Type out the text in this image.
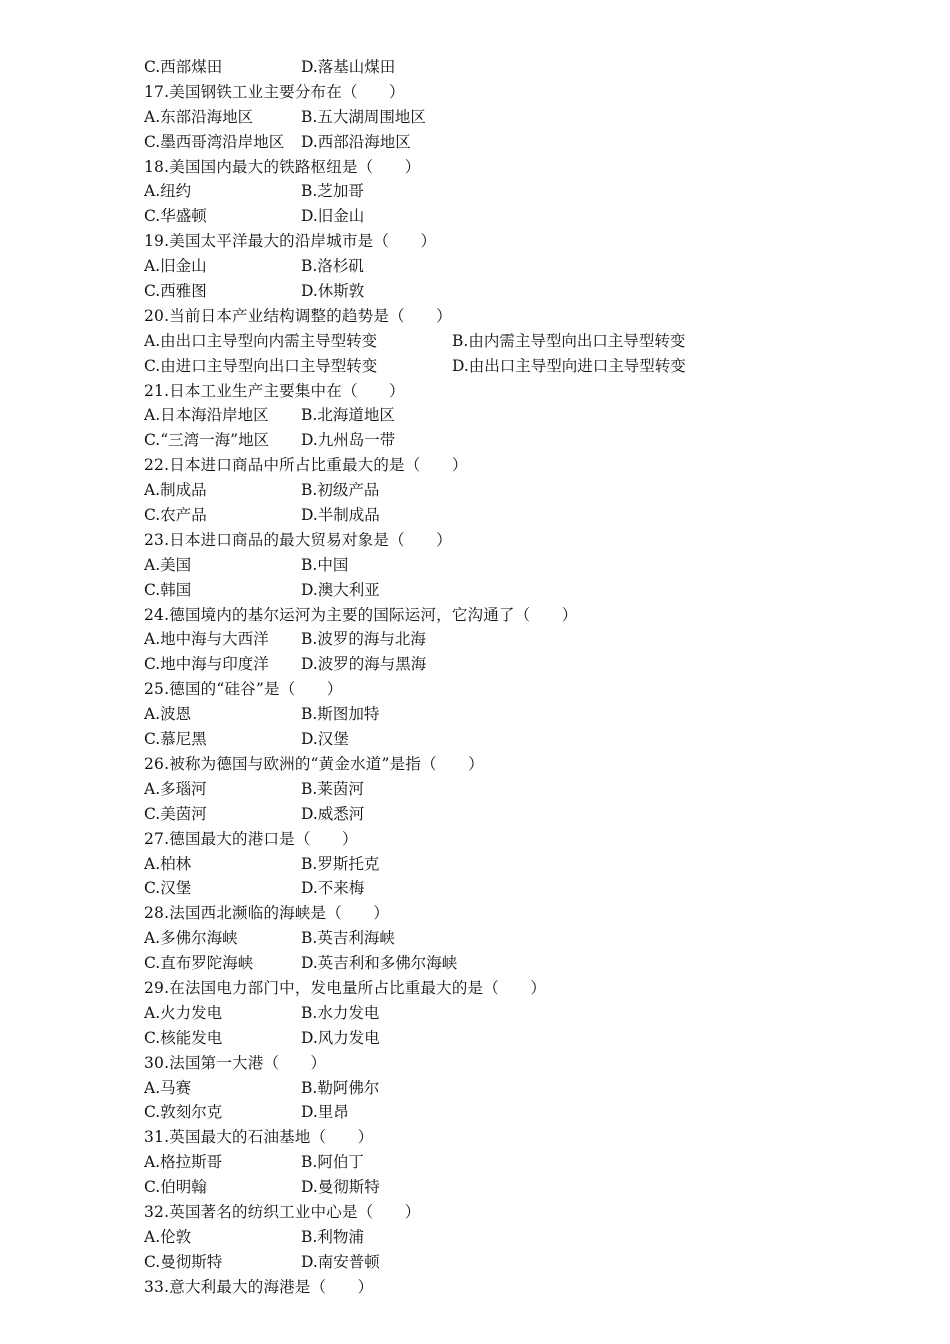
C.西部煤田	D.落基山煤田
17.美国钢铁工业主要分布在（　　）
A.东部沿海地区	B.五大湖周围地区
C.墨西哥湾沿岸地区 D.西部沿海地区
18.美国国内最大的铁路枢纽是（　　）
A.纽约	B.芝加哥
C.华盛顿	D.旧金山
19.美国太平洋最大的沿岸城市是（　　）
A.旧金山	B.洛杉矶
C.西雅图	D.休斯敦
20.当前日本产业结构调整的趋势是（　　）
A.由出口主导型向内需主导型转变	B.由内需主导型向出口主导型转变
C.由进口主导型向出口主导型转变	D.由出口主导型向进口主导型转变
21.日本工业生产主要集中在（　　）
A.日本海沿岸地区 B.北海道地区
C.“三湾一海”地区 D.九州岛一带
22.日本进口商品中所占比重最大的是（　　）
A.制成品	B.初级产品
C.农产品	D.半制成品
23.日本进口商品的最大贸易对象是（　　）
A.美国	B.中国
C.韩国	D.澳大利亚
24.德国境内的基尔运河为主要的国际运河，它沟通了（　　）
A.地中海与大西洋 B.波罗的海与北海
C.地中海与印度洋 D.波罗的海与黑海
25.德国的“硅谷”是（　　）
A.波恩	B.斯图加特
C.慕尼黑	D.汉堡
26.被称为德国与欧洲的“黄金水道”是指（　　）
A.多瑙河	B.莱茵河
C.美茵河	D.威悉河
27.德国最大的港口是（　　）
A.柏林	B.罗斯托克
C.汉堡	D.不来梅
28.法国西北濒临的海峡是（　　）
A.多佛尔海峡	B.英吉利海峡
C.直布罗陀海峡	D.英吉利和多佛尔海峡
29.在法国电力部门中，发电量所占比重最大的是（　　）
A.火力发电	B.水力发电
C.核能发电	D.风力发电
30.法国第一大港（　　）
A.马赛	B.勒阿佛尔
C.敦刻尔克	D.里昂
31.英国最大的石油基地（　　）
A.格拉斯哥	B.阿伯丁
C.伯明翰	D.曼彻斯特
32.英国著名的纺织工业中心是（　　）
A.伦敦	B.利物浦
C.曼彻斯特	D.南安普顿
33.意大利最大的海港是（　　）
